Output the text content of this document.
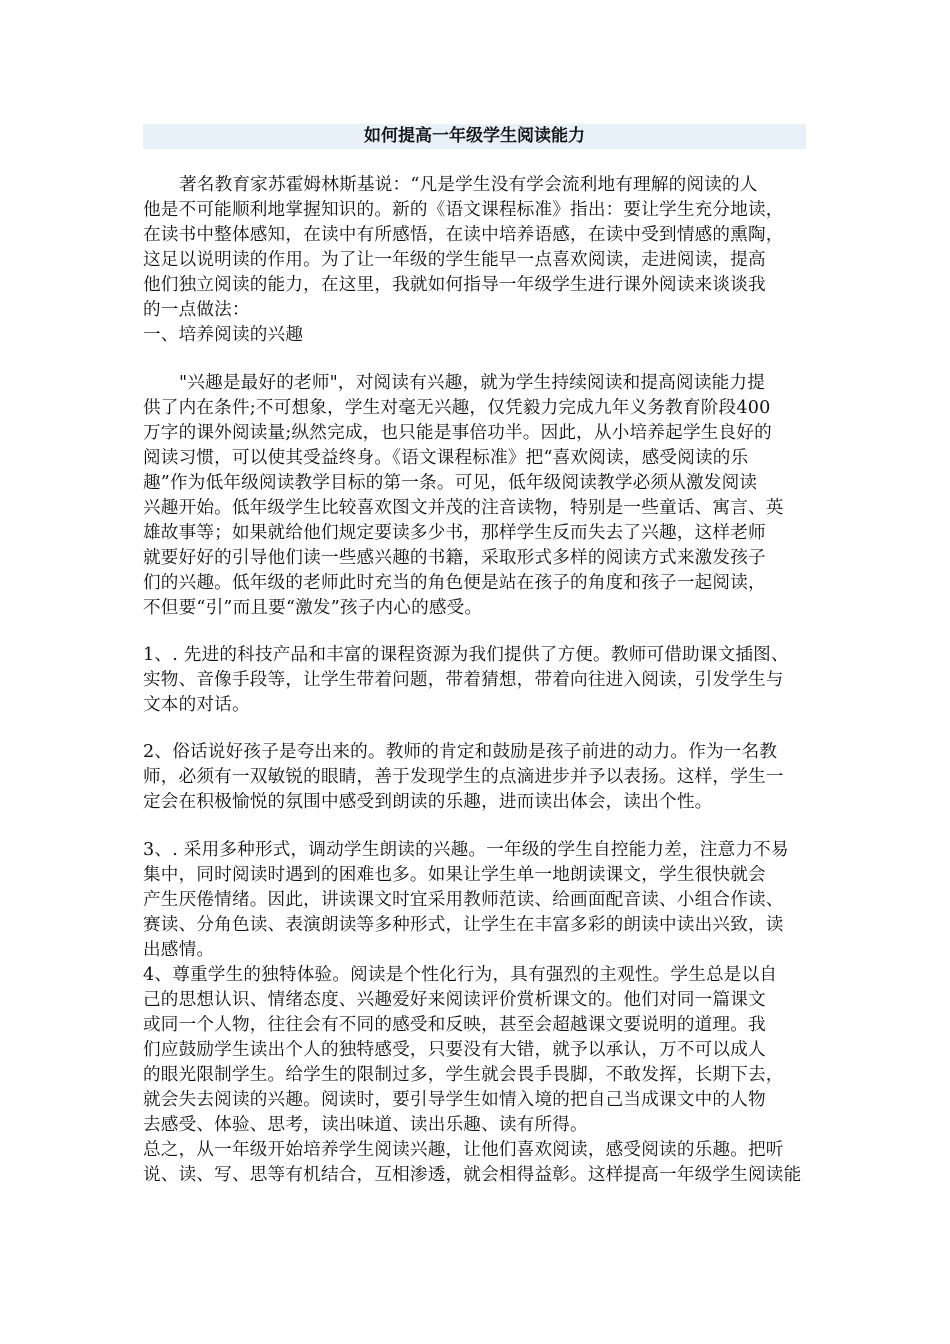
如何提高一年级学生阅读能力
著名教育家苏霍姆林斯基说：“凡是学生没有学会流利地有理解的阅读的人
他是不可能顺利地掌握知识的。新的《语文课程标准》指出：要让学生充分地读，
在读书中整体感知，在读中有所感悟，在读中培养语感，在读中受到情感的熏陶，
这足以说明读的作用。为了让一年级的学生能早一点喜欢阅读，走进阅读，提高
他们独立阅读的能力，在这里，我就如何指导一年级学生进行课外阅读来谈谈我
的一点做法：
一、培养阅读的兴趣
"兴趣是最好的老师"，对阅读有兴趣，就为学生持续阅读和提高阅读能力提
供了内在条件;不可想象，学生对毫无兴趣，仅凭毅力完成九年义务教育阶段400
万字的课外阅读量;纵然完成，也只能是事倍功半。因此，从小培养起学生良好的
阅读习惯，可以使其受益终身。《语文课程标准》把“喜欢阅读，感受阅读的乐
趣”作为低年级阅读教学目标的第一条。可见，低年级阅读教学必须从激发阅读
兴趣开始。低年级学生比较喜欢图文并茂的注音读物，特别是一些童话、寓言、英
雄故事等；如果就给他们规定要读多少书，那样学生反而失去了兴趣，这样老师
就要好好的引导他们读一些感兴趣的书籍，采取形式多样的阅读方式来激发孩子
们的兴趣。低年级的老师此时充当的角色便是站在孩子的角度和孩子一起阅读，
不但要“引”而且要“激发”孩子内心的感受。
1、. 先进的科技产品和丰富的课程资源为我们提供了方便。教师可借助课文插图、
实物、音像手段等，让学生带着问题，带着猜想，带着向往进入阅读，引发学生与
文本的对话。
2、俗话说好孩子是夸出来的。教师的肯定和鼓励是孩子前进的动力。作为一名教
师，必须有一双敏锐的眼睛，善于发现学生的点滴进步并予以表扬。这样，学生一
定会在积极愉悦的氛围中感受到朗读的乐趣，进而读出体会，读出个性。
3、. 采用多种形式，调动学生朗读的兴趣。一年级的学生自控能力差，注意力不易
集中，同时阅读时遇到的困难也多。如果让学生单一地朗读课文，学生很快就会
产生厌倦情绪。因此，讲读课文时宜采用教师范读、给画面配音读、小组合作读、
赛读、分角色读、表演朗读等多种形式，让学生在丰富多彩的朗读中读出兴致，读
出感情。
4、尊重学生的独特体验。阅读是个性化行为，具有强烈的主观性。学生总是以自
己的思想认识、情绪态度、兴趣爱好来阅读评价赏析课文的。他们对同一篇课文
或同一个人物，往往会有不同的感受和反映，甚至会超越课文要说明的道理。我
们应鼓励学生读出个人的独特感受，只要没有大错，就予以承认，万不可以成人
的眼光限制学生。给学生的限制过多，学生就会畏手畏脚，不敢发挥，长期下去，
就会失去阅读的兴趣。阅读时，要引导学生如情入境的把自己当成课文中的人物
去感受、体验、思考，读出味道、读出乐趣、读有所得。
总之，从一年级开始培养学生阅读兴趣，让他们喜欢阅读，感受阅读的乐趣。把听
说、读、写、思等有机结合，互相渗透，就会相得益彰。这样提高一年级学生阅读能
